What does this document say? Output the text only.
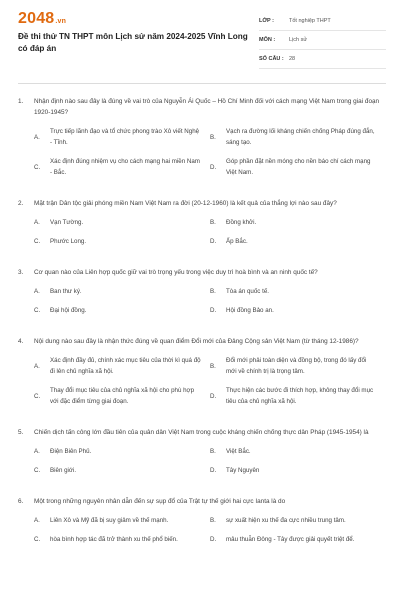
2048.vn
Đề thi thử TN THPT môn Lịch sử năm 2024-2025 Vĩnh Long có đáp án
LỚP :	Tốt nghiệp THPT
MÔN :	Lịch sử
SỐ CÂU : 28
1.	Nhận định nào sau đây là đúng về vai trò của Nguyễn Ái Quốc – Hồ Chí Minh đối với cách mạng Việt Nam trong giai đoạn 1920-1945?
A.
Trực tiếp lãnh đạo và tổ chức phong trào Xô viết Nghệ - Tĩnh.
B.
Vạch ra đường lối kháng chiến chống Pháp đúng đắn, sáng tạo.
C.
Xác định đúng nhiệm vụ cho cách mạng hai miền Nam - Bắc.
D.
Góp phần đặt nền móng cho nền báo chí cách mạng Việt Nam.
2.	Mặt trận Dân tộc giải phóng miền Nam Việt Nam ra đời (20-12-1960) là kết quả của thắng lợi nào sau đây?
A.	Vạn Tường.	B.	Đồng khởi.
C.	Phước Long.	D.	Ấp Bắc.
3.	Cơ quan nào của Liên hợp quốc giữ vai trò trọng yếu trong việc duy trì hoà bình và an ninh quốc tế?
A.	Ban thư ký.	B.	Tòa án quốc tế.
C.	Đại hội đồng.	D.	Hội đồng Bảo an.
4.	Nội dung nào sau đây là nhận thức đúng về quan điểm Đổi mới của Đảng Cộng sản Việt Nam (từ tháng 12-1986)?
A.
Xác định đầy đủ, chính xác mục tiêu của thời kì quá độ đi lên chủ nghĩa xã hội.
B.
Đổi mới phải toàn diện và đồng bộ, trong đó lấy đổi mới về chính trị là trọng tâm.
C.
Thay đổi mục tiêu của chủ nghĩa xã hội cho phù hợp với đặc điểm từng giai đoạn.
D.
Thực hiện các bước đi thích hợp, không thay đổi mục tiêu của chủ nghĩa xã hội.
5.	Chiến dịch tấn công lớn đầu tiên của quân dân Việt Nam trong cuộc kháng chiến chống thực dân Pháp (1945-1954) là
A.	Điện Biên Phủ.	B.	Việt Bắc.
C.	Biên giới.	D.	Tây Nguyên
6.	Một trong những nguyên nhân dẫn đến sự sụp đổ của Trật tự thế giới hai cực Ianta là do
A.	Liên Xô và Mỹ đã bị suy giảm về thế mạnh.	B.	sự xuất hiện xu thế đa cực nhiều trung tâm.
C.	hòa bình hợp tác đã trở thành xu thế phổ biến.	D.	mâu thuẫn Đông - Tây được giải quyết triệt để.
